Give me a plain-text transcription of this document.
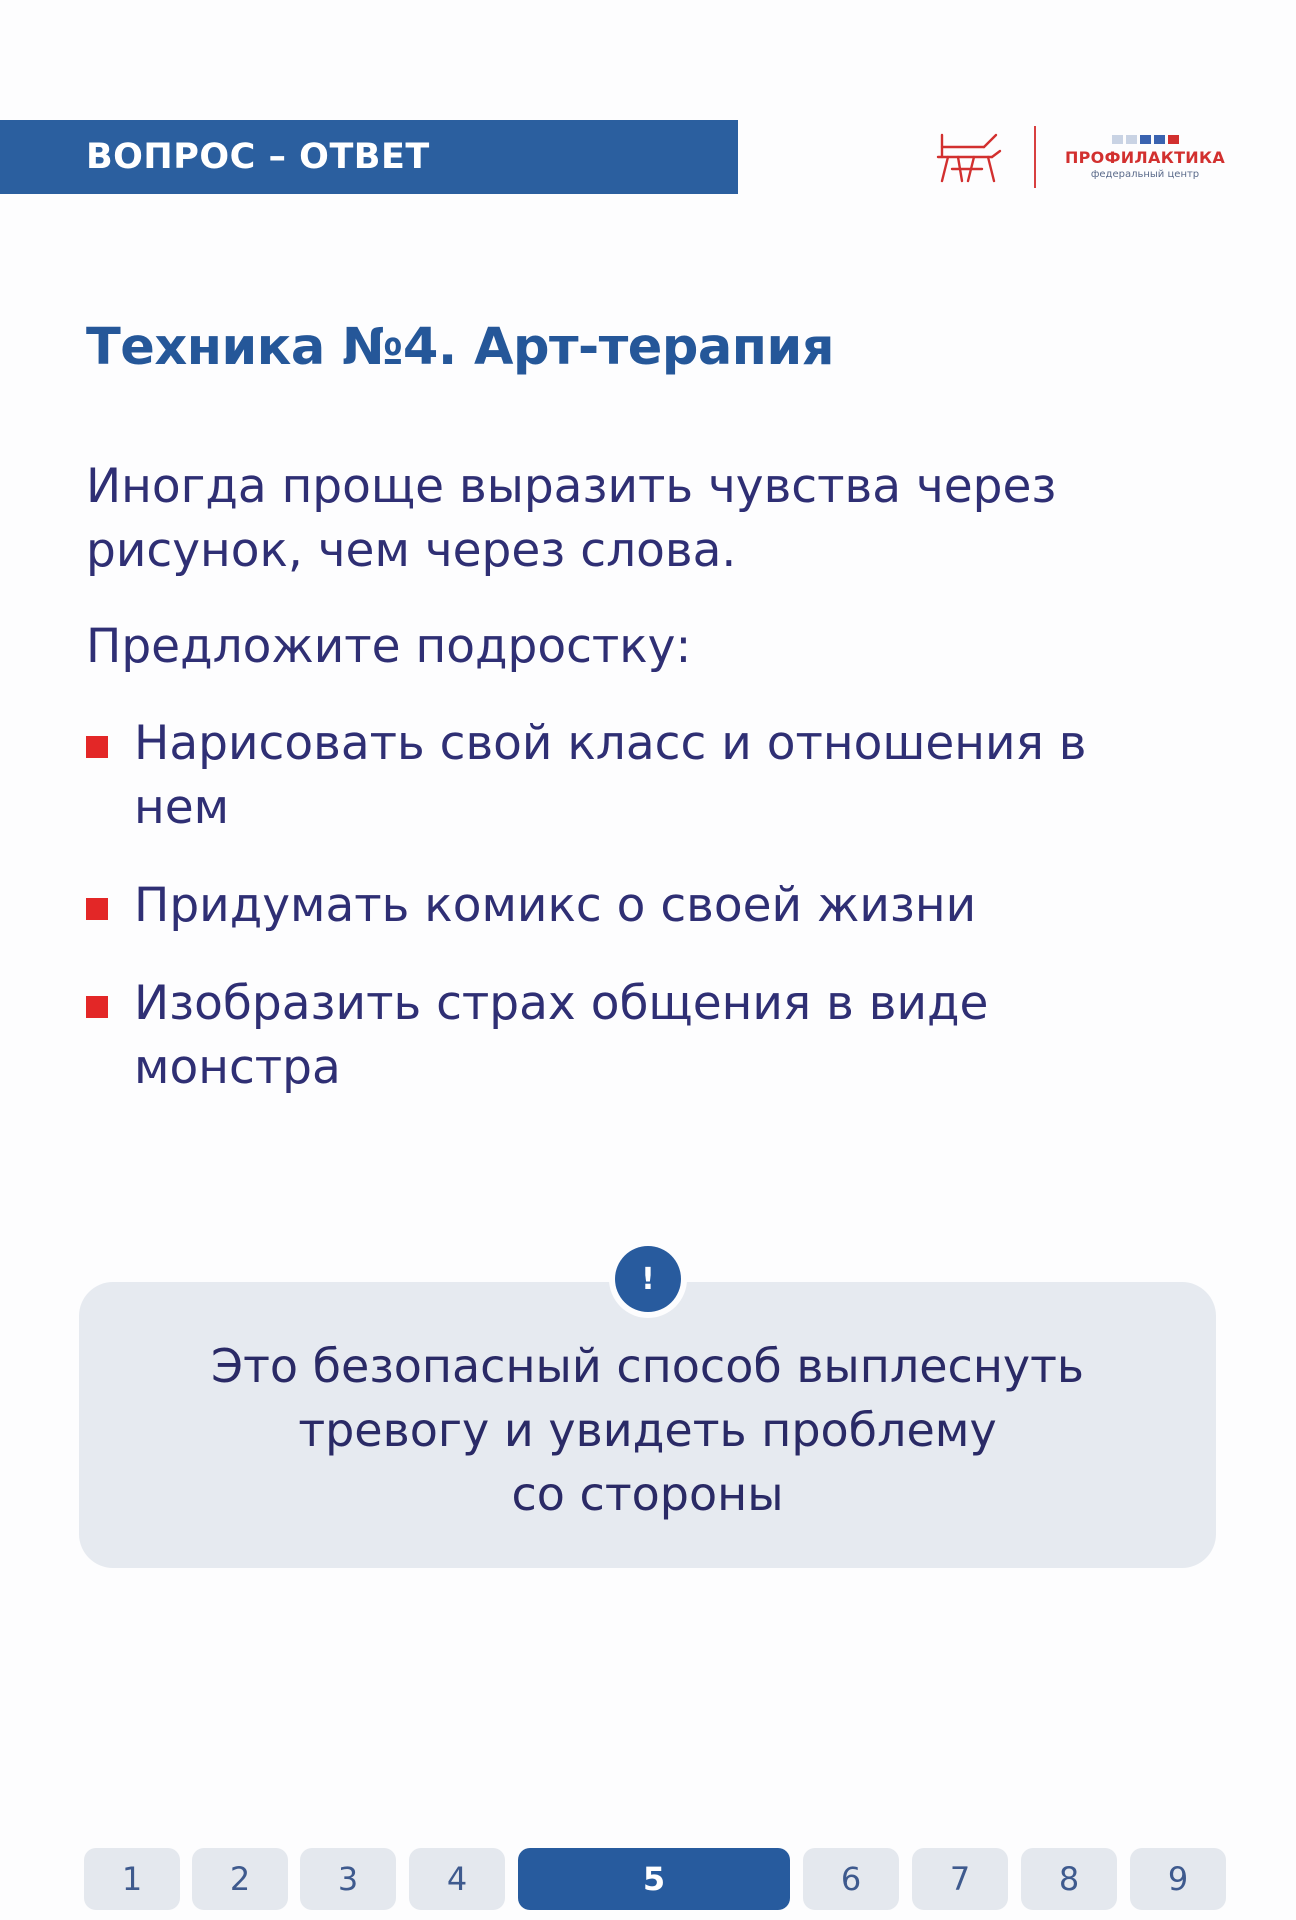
ВОПРОС – ОТВЕТ	ПРОФИЛАКТИКА
федеральный центр
Техника №4. Арт-терапия
Иногда проще выразить чувства через рисунок, чем через слова.
Предложите подростку:
Нарисовать свой класс и отношения в нем
Придумать комикс о своей жизни
Изобразить страх общения в виде монстра
Это безопасный способ выплеснуть
тревогу и увидеть проблему
со стороны
!
1	2	3	4	5	6	7	8	9
